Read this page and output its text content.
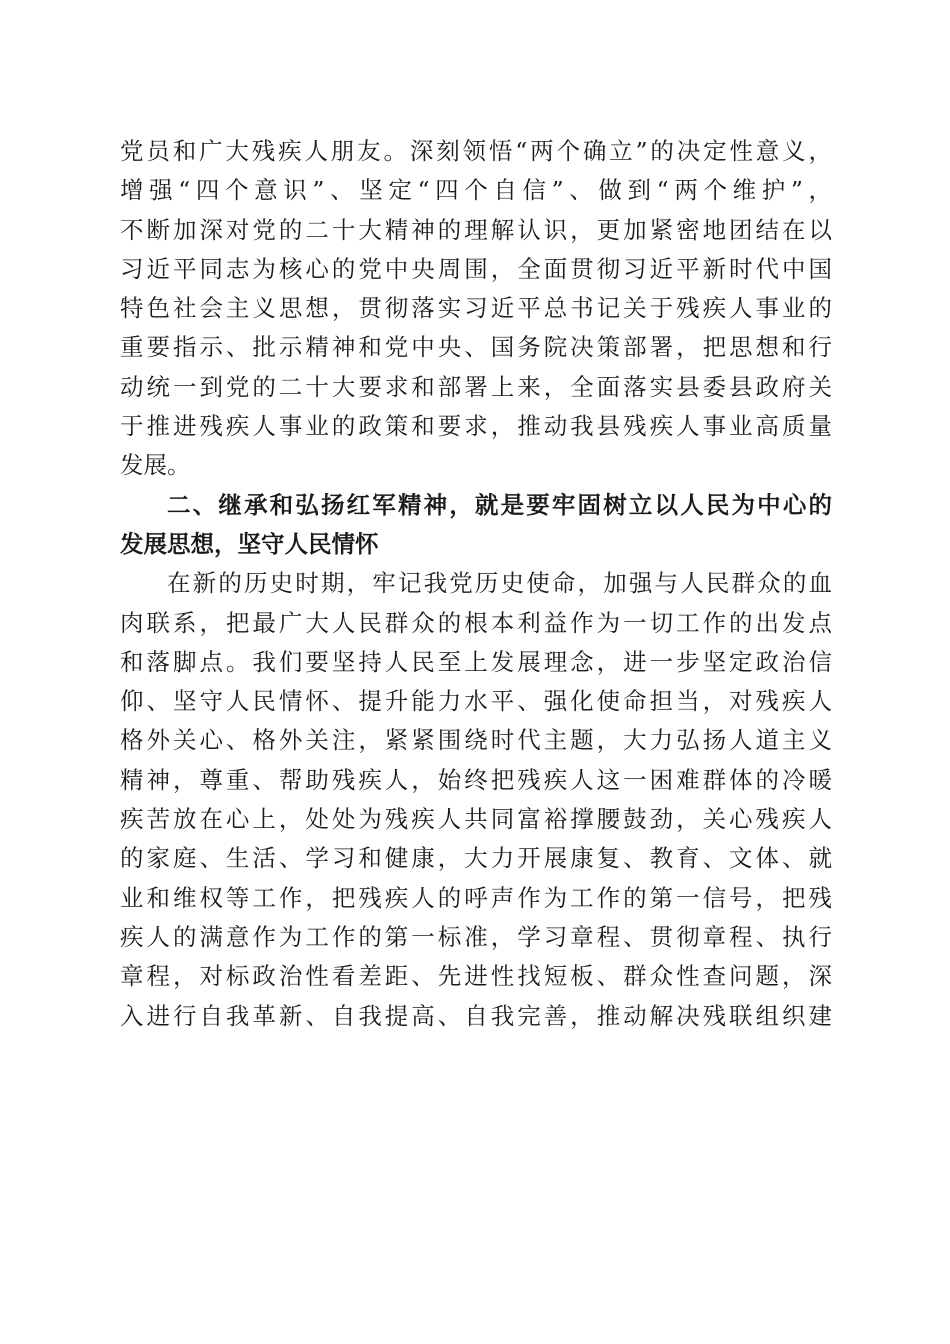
党员和广大残疾人朋友。深刻领悟“两个确立”的决定性意义，
增强“四个意识”、坚定“四个自信”、做到“两个维护”，
不断加深对党的二十大精神的理解认识，更加紧密地团结在以
习近平同志为核心的党中央周围，全面贯彻习近平新时代中国
特色社会主义思想，贯彻落实习近平总书记关于残疾人事业的
重要指示、批示精神和党中央、国务院决策部署，把思想和行
动统一到党的二十大要求和部署上来，全面落实县委县政府关
于推进残疾人事业的政策和要求，推动我县残疾人事业高质量
发展。
二、继承和弘扬红军精神，就是要牢固树立以人民为中心的
发展思想，坚守人民情怀
在新的历史时期，牢记我党历史使命，加强与人民群众的血
肉联系，把最广大人民群众的根本利益作为一切工作的出发点
和落脚点。我们要坚持人民至上发展理念，进一步坚定政治信
仰、坚守人民情怀、提升能力水平、强化使命担当，对残疾人
格外关心、格外关注，紧紧围绕时代主题，大力弘扬人道主义
精神，尊重、帮助残疾人，始终把残疾人这一困难群体的冷暖
疾苦放在心上，处处为残疾人共同富裕撑腰鼓劲，关心残疾人
的家庭、生活、学习和健康，大力开展康复、教育、文体、就
业和维权等工作，把残疾人的呼声作为工作的第一信号，把残
疾人的满意作为工作的第一标准，学习章程、贯彻章程、执行
章程，对标政治性看差距、先进性找短板、群众性查问题，深
入进行自我革新、自我提高、自我完善，推动解决残联组织建
